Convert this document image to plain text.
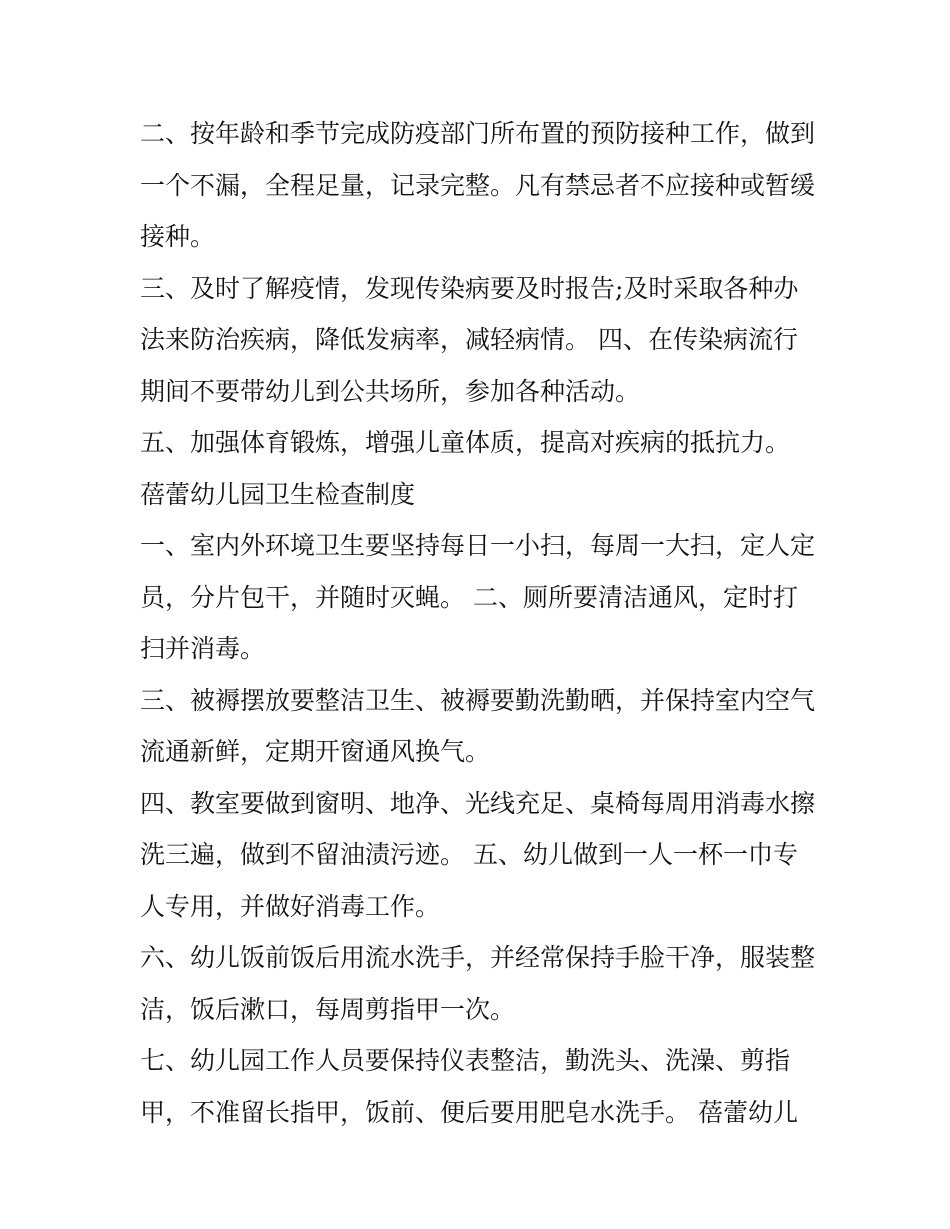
二、按年龄和季节完成防疫部门所布置的预防接种工作，做到
一个不漏，全程足量，记录完整。凡有禁忌者不应接种或暂缓
接种。
三、及时了解疫情，发现传染病要及时报告;及时采取各种办
法来防治疾病，降低发病率，减轻病情。 四、在传染病流行
期间不要带幼儿到公共场所，参加各种活动。
五、加强体育锻炼，增强儿童体质，提高对疾病的抵抗力。
蓓蕾幼儿园卫生检查制度
一、室内外环境卫生要坚持每日一小扫，每周一大扫，定人定
员，分片包干，并随时灭蝇。 二、厕所要清洁通风，定时打
扫并消毒。
三、被褥摆放要整洁卫生、被褥要勤洗勤晒，并保持室内空气
流通新鲜，定期开窗通风换气。
四、教室要做到窗明、地净、光线充足、桌椅每周用消毒水擦
洗三遍，做到不留油渍污迹。 五、幼儿做到一人一杯一巾专
人专用，并做好消毒工作。
六、幼儿饭前饭后用流水洗手，并经常保持手脸干净，服装整
洁，饭后漱口，每周剪指甲一次。
七、幼儿园工作人员要保持仪表整洁，勤洗头、洗澡、剪指
甲，不准留长指甲，饭前、便后要用肥皂水洗手。 蓓蕾幼儿
